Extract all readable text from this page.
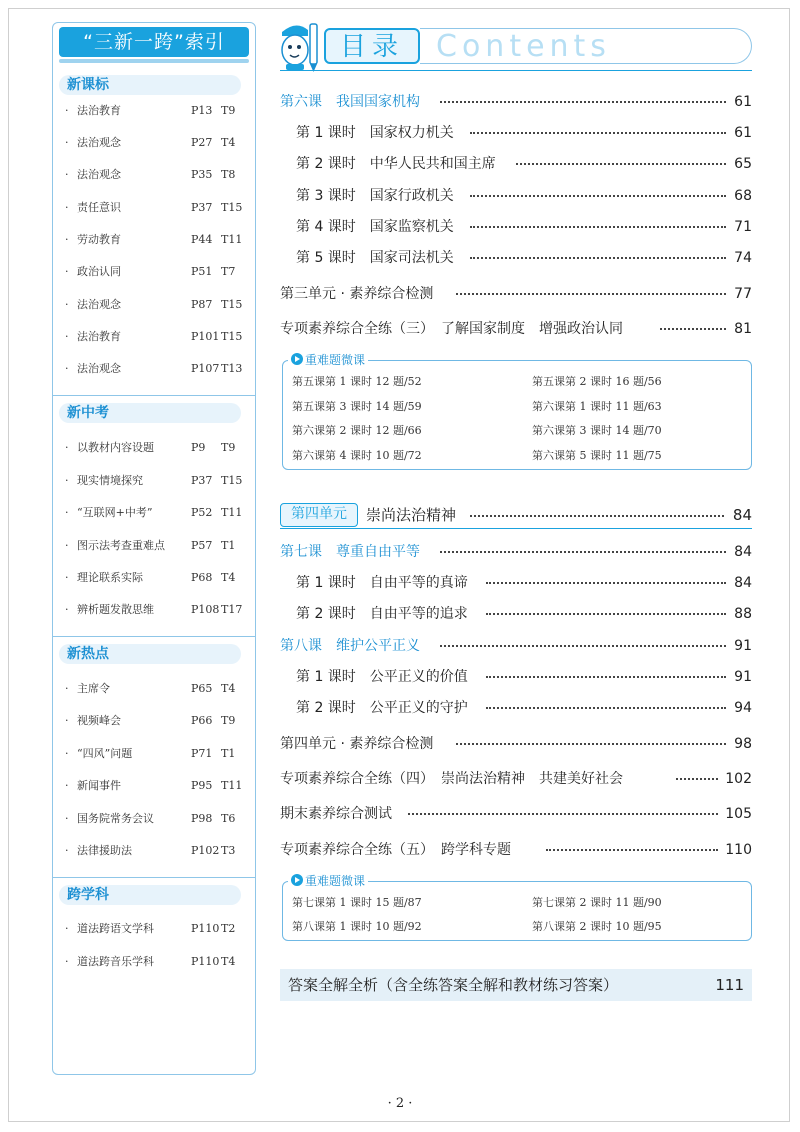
“三新一跨”索引
新课标
· 法治教育	P13 T9
· 法治观念	P27 T4
· 法治观念	P35 T8
· 责任意识	P37 T15
· 劳动教育	P44 T11
· 政治认同	P51 T7
· 法治观念	P87 T15
· 法治教育	P101 T15
· 法治观念	P107 T13
新中考
· 以教材内容设题	P9 T9
· 现实情境探究	P37 T15
· “互联网+中考”	P52 T11
· 图示法考查重难点 P57 T1
· 理论联系实际	P68 T4
· 辨析题发散思维	P108 T17
新热点
· 主席令	P65 T4
· 视频峰会	P66 T9
· “四风”问题	P71 T1
· 新闻事件	P95 T11
· 国务院常务会议	P98 T6
· 法律援助法	P102 T3
跨学科
· 道法跨语文学科	P110 T2
· 道法跨音乐学科	P110 T4
目录	Contents
第六课　我国国家机构	61
第 1 课时　国家权力机关	61
第 2 课时　中华人民共和国主席	65
第 3 课时　国家行政机关	68
第 4 课时　国家监察机关	71
第 5 课时　国家司法机关	74
第三单元 · 素养综合检测	77
专项素养综合全练（三）　了解国家制度　增强政治认同	81
重难题微课
第五课第 1 课时 12 题/52	第五课第 2 课时 16 题/56
第五课第 3 课时 14 题/59	第六课第 1 课时 11 题/63
第六课第 2 课时 12 题/66	第六课第 3 课时 14 题/70
第六课第 4 课时 10 题/72	第六课第 5 课时 11 题/75
第四单元	崇尚法治精神	84
第七课　尊重自由平等	84
第 1 课时　自由平等的真谛	84
第 2 课时　自由平等的追求	88
第八课　维护公平正义	91
第 1 课时　公平正义的价值	91
第 2 课时　公平正义的守护	94
第四单元 · 素养综合检测	98
专项素养综合全练（四）　崇尚法治精神　共建美好社会	102
期末素养综合测试	105
专项素养综合全练（五）　跨学科专题	110
重难题微课
第七课第 1 课时 15 题/87	第七课第 2 课时 11 题/90
第八课第 1 课时 10 题/92	第八课第 2 课时 10 题/95
答案全解全析（含全练答案全解和教材练习答案）	111
· 2 ·
